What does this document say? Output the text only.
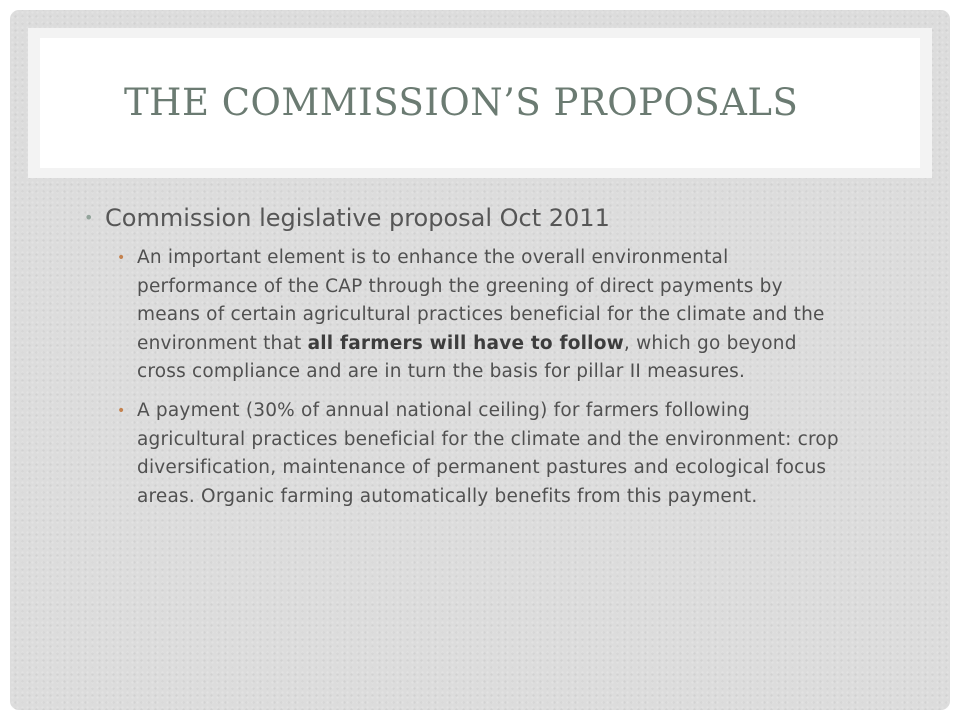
THE COMMISSION’S PROPOSALS
• Commission legislative proposal Oct 2011
• An important element is to enhance the overall environmental performance of the CAP through the greening of direct payments by means of certain agricultural practices beneficial for the climate and the environment that all farmers will have to follow, which go beyond cross compliance and are in turn the basis for pillar II measures.
• A payment (30% of annual national ceiling) for farmers following agricultural practices beneficial for the climate and the environment: crop diversification, maintenance of permanent pastures and ecological focus areas. Organic farming automatically benefits from this payment.
